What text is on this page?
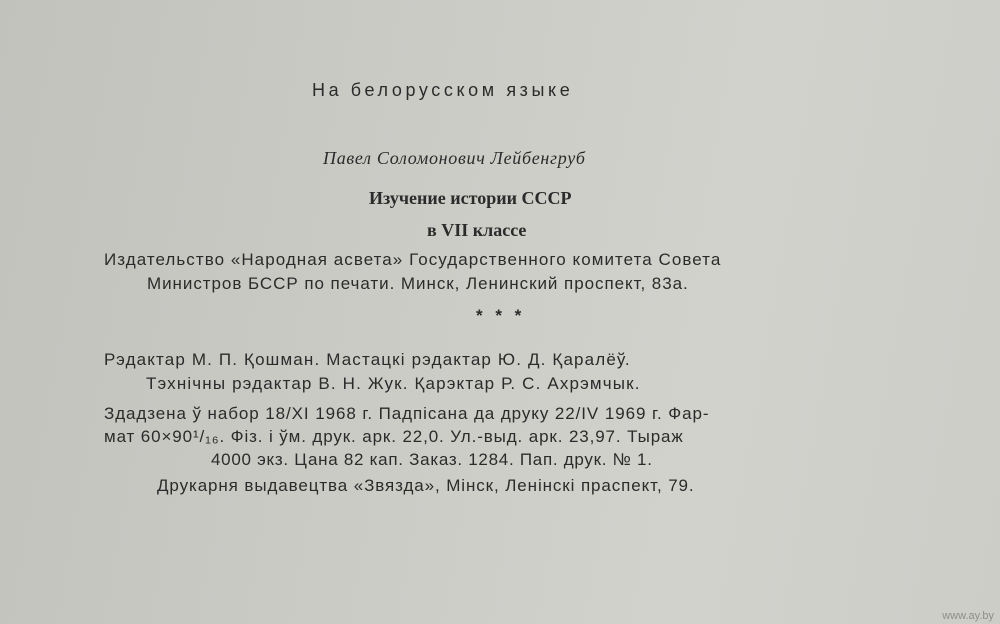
На белорусском языке
Павел Соломонович Лейбенгруб
Изучение истории СССР
в VII классе
Издательство «Народная асвета» Государственного комитета Совета
Министров БССР по печати. Минск, Ленинский проспект, 83а.
* * *
Рэдактар М. П. Қошман. Мастацкі рэдактар Ю. Д. Қаралёў.
Тэхнічны рэдактар В. Н. Жук. Қарэктар Р. С. Ахрэмчык.
Здадзена ў набор 18/XI 1968 г. Падпісана да друку 22/IV 1969 г. Фар-
мат 60×90¹/₁₆. Фіз. і ўм. друк. арк. 22,0. Ул.-выд. арк. 23,97. Тыраж
4000 экз. Цана 82 кап. Заказ. 1284. Пап. друк. № 1.
Друкарня выдавецтва «Звязда», Мінск, Ленінскі праспект, 79.
www.ay.by
